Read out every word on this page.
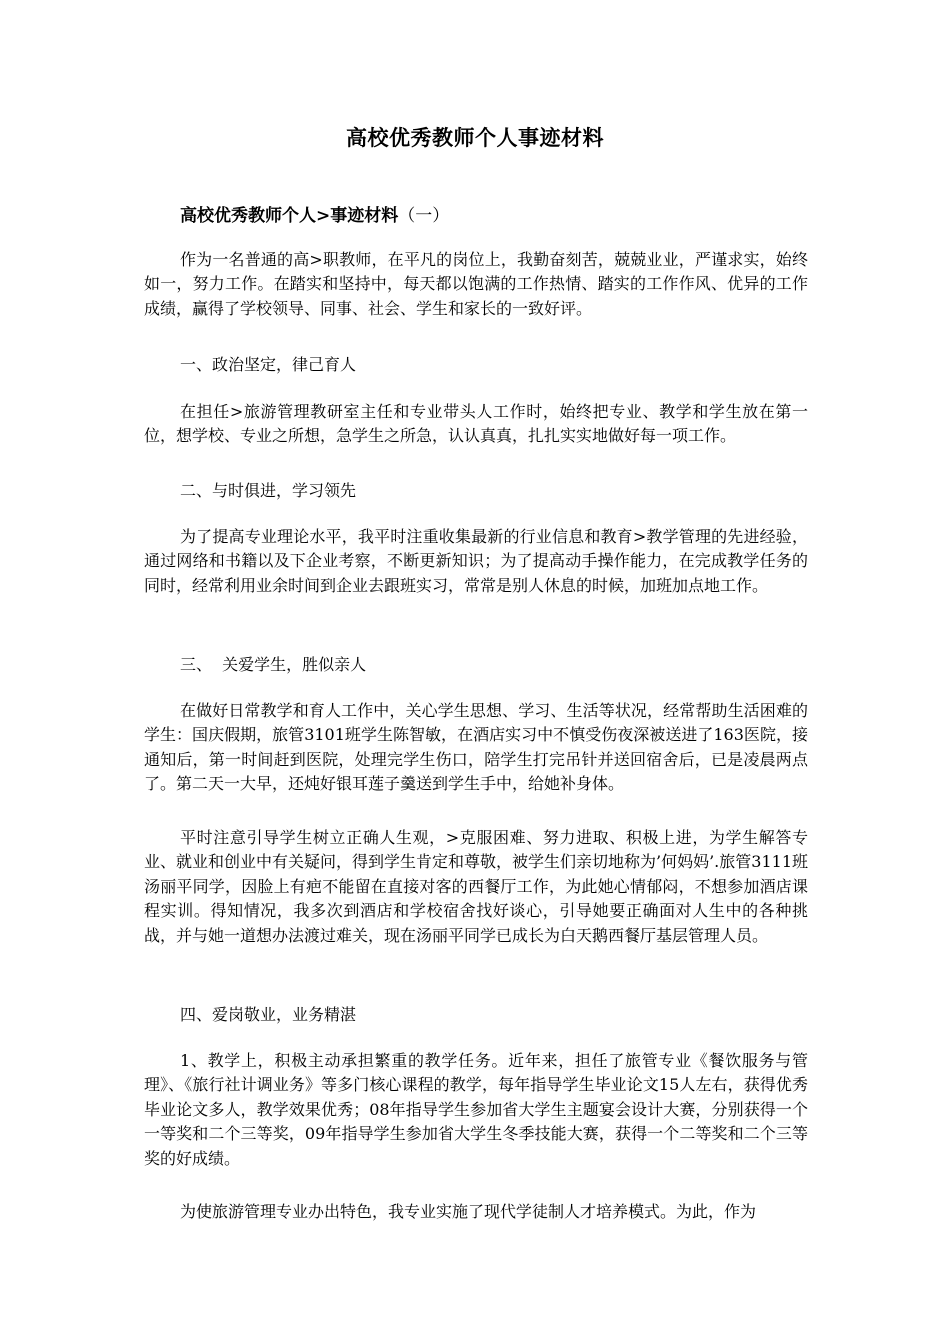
高校优秀教师个人事迹材料
高校优秀教师个人>事迹材料（一）

作为一名普通的高>职教师，在平凡的岗位上，我勤奋刻苦，兢兢业业，严谨求实，始终如一，努力工作。在踏实和坚持中，每天都以饱满的工作热情、踏实的工作作风、优异的工作成绩，赢得了学校领导、同事、社会、学生和家长的一致好评。

一、政治坚定，律己育人

在担任>旅游管理教研室主任和专业带头人工作时，始终把专业、教学和学生放在第一位，想学校、专业之所想，急学生之所急，认认真真，扎扎实实地做好每一项工作。

二、与时俱进，学习领先

为了提高专业理论水平，我平时注重收集最新的行业信息和教育>教学管理的先进经验，通过网络和书籍以及下企业考察，不断更新知识；为了提高动手操作能力，在完成教学任务的同时，经常利用业余时间到企业去跟班实习，常常是别人休息的时候，加班加点地工作。

三、  关爱学生，胜似亲人

在做好日常教学和育人工作中，关心学生思想、学习、生活等状况，经常帮助生活困难的学生：国庆假期，旅管3101班学生陈智敏，在酒店实习中不慎受伤夜深被送进了163医院，接通知后，第一时间赶到医院，处理完学生伤口，陪学生打完吊针并送回宿舍后，已是凌晨两点了。第二天一大早，还炖好银耳莲子羹送到学生手中，给她补身体。

平时注意引导学生树立正确人生观，>克服困难、努力进取、积极上进，为学生解答专业、就业和创业中有关疑问，得到学生肯定和尊敬，被学生们亲切地称为’何妈妈’.旅管3111班汤丽平同学，因脸上有疤不能留在直接对客的西餐厅工作，为此她心情郁闷，不想参加酒店课程实训。得知情况，我多次到酒店和学校宿舍找好谈心，引导她要正确面对人生中的各种挑战，并与她一道想办法渡过难关，现在汤丽平同学已成长为白天鹅西餐厅基层管理人员。

四、爱岗敬业，业务精湛

1、教学上，积极主动承担繁重的教学任务。近年来，担任了旅管专业《餐饮服务与管理》、《旅行社计调业务》等多门核心课程的教学，每年指导学生毕业论文15人左右，获得优秀毕业论文多人，教学效果优秀；08年指导学生参加省大学生主题宴会设计大赛，分别获得一个一等奖和二个三等奖，09年指导学生参加省大学生冬季技能大赛，获得一个二等奖和二个三等奖的好成绩。

为使旅游管理专业办出特色，我专业实施了现代学徒制人才培养模式。为此，作为
